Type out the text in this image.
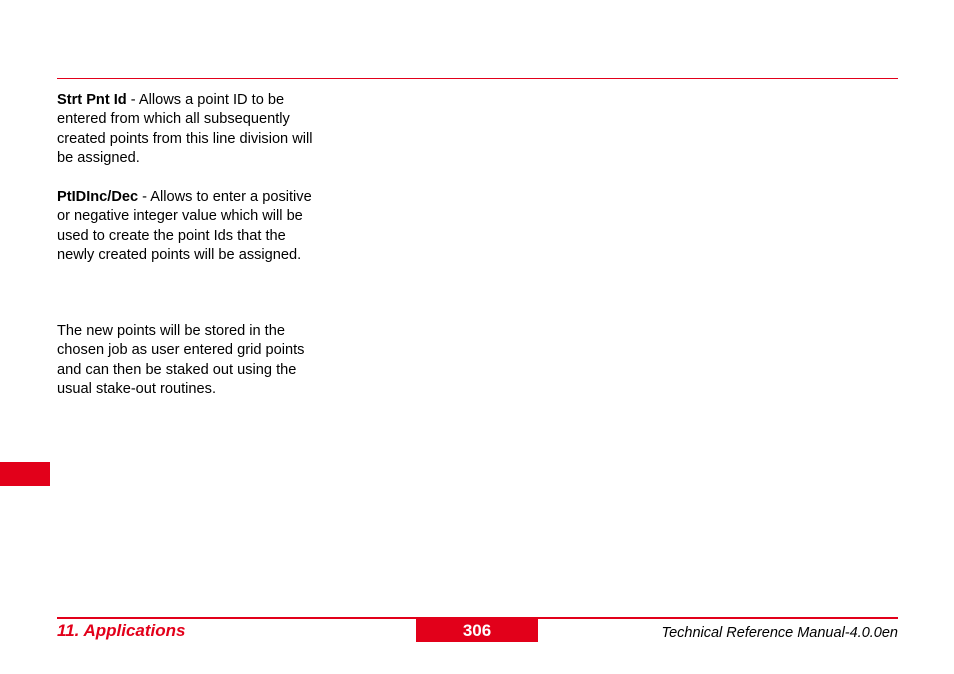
Strt Pnt Id - Allows a point ID to be entered from which all subsequently created points from this line division will be assigned.

PtIDInc/Dec - Allows to enter a positive or negative integer value which will be used to create the point Ids that the newly created points will be assigned.

The new points will be stored in the chosen job as user entered grid points and can then be staked out using the usual stake-out routines.

11. Applications	306	Technical Reference Manual-4.0.0en
